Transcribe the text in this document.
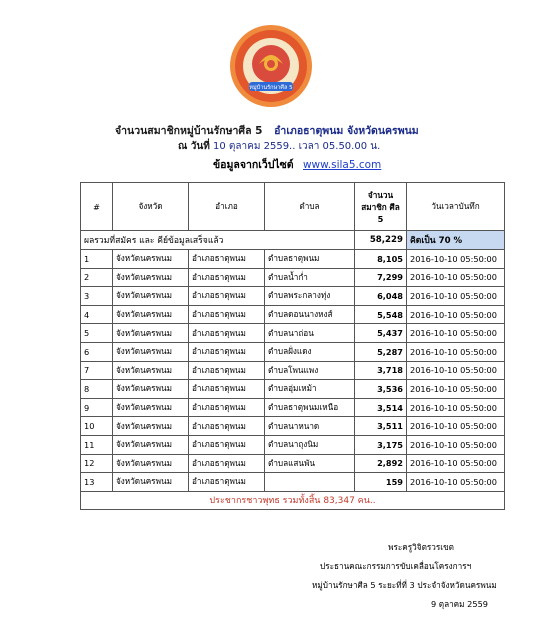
หมู่บ้านรักษาศีล 5
จำนวนสมาชิกหมู่บ้านรักษาศีล 5 อำเภอธาตุพนม จังหวัดนครพนม
ณ วันที่ 10 ตุลาคม 2559.. เวลา 05.50.00 น.
ข้อมูลจากเว็ปไซต์ www.sila5.com
#	จังหวัด	อำเภอ	ตำบล	จำนวน สมาชิก ศีล 5	วันเวลาบันทึก
ผลรวมที่สมัคร และ คีย์ข้อมูลเสร็จแล้ว				58,229	คิดเป็น 70 %
1	จังหวัดนครพนม	อำเภอธาตุพนม	ตำบลธาตุพนม	8,105	2016-10-10 05:50:00
2	จังหวัดนครพนม	อำเภอธาตุพนม	ตำบลน้ำก่ำ	7,299	2016-10-10 05:50:00
3	จังหวัดนครพนม	อำเภอธาตุพนม	ตำบลพระกลางทุ่ง	6,048	2016-10-10 05:50:00
4	จังหวัดนครพนม	อำเภอธาตุพนม	ตำบลดอนนางหงส์	5,548	2016-10-10 05:50:00
5	จังหวัดนครพนม	อำเภอธาตุพนม	ตำบลนาถ่อน	5,437	2016-10-10 05:50:00
6	จังหวัดนครพนม	อำเภอธาตุพนม	ตำบลฝั่งแดง	5,287	2016-10-10 05:50:00
7	จังหวัดนครพนม	อำเภอธาตุพนม	ตำบลโพนแพง	3,718	2016-10-10 05:50:00
8	จังหวัดนครพนม	อำเภอธาตุพนม	ตำบลอุ่มเหม้า	3,536	2016-10-10 05:50:00
9	จังหวัดนครพนม	อำเภอธาตุพนม	ตำบลธาตุพนมเหนือ	3,514	2016-10-10 05:50:00
10	จังหวัดนครพนม	อำเภอธาตุพนม	ตำบลนาหนาด	3,511	2016-10-10 05:50:00
11	จังหวัดนครพนม	อำเภอธาตุพนม	ตำบลนาถุงนิม	3,175	2016-10-10 05:50:00
12	จังหวัดนครพนม	อำเภอธาตุพนม	ตำบลแสนพัน	2,892	2016-10-10 05:50:00
13	จังหวัดนครพนม	อำเภอธาตุพนม		159	2016-10-10 05:50:00
ประชากรชาวพุทธ รวมทั้งสิ้น 83,347 คน..					
พระครูวิจิตรวรเขต
ประธานคณะกรรมการขับเคลื่อนโครงการฯ
หมู่บ้านรักษาศีล 5 ระยะที่ที่ 3 ประจำจังหวัดนครพนม
9 ตุลาคม 2559
